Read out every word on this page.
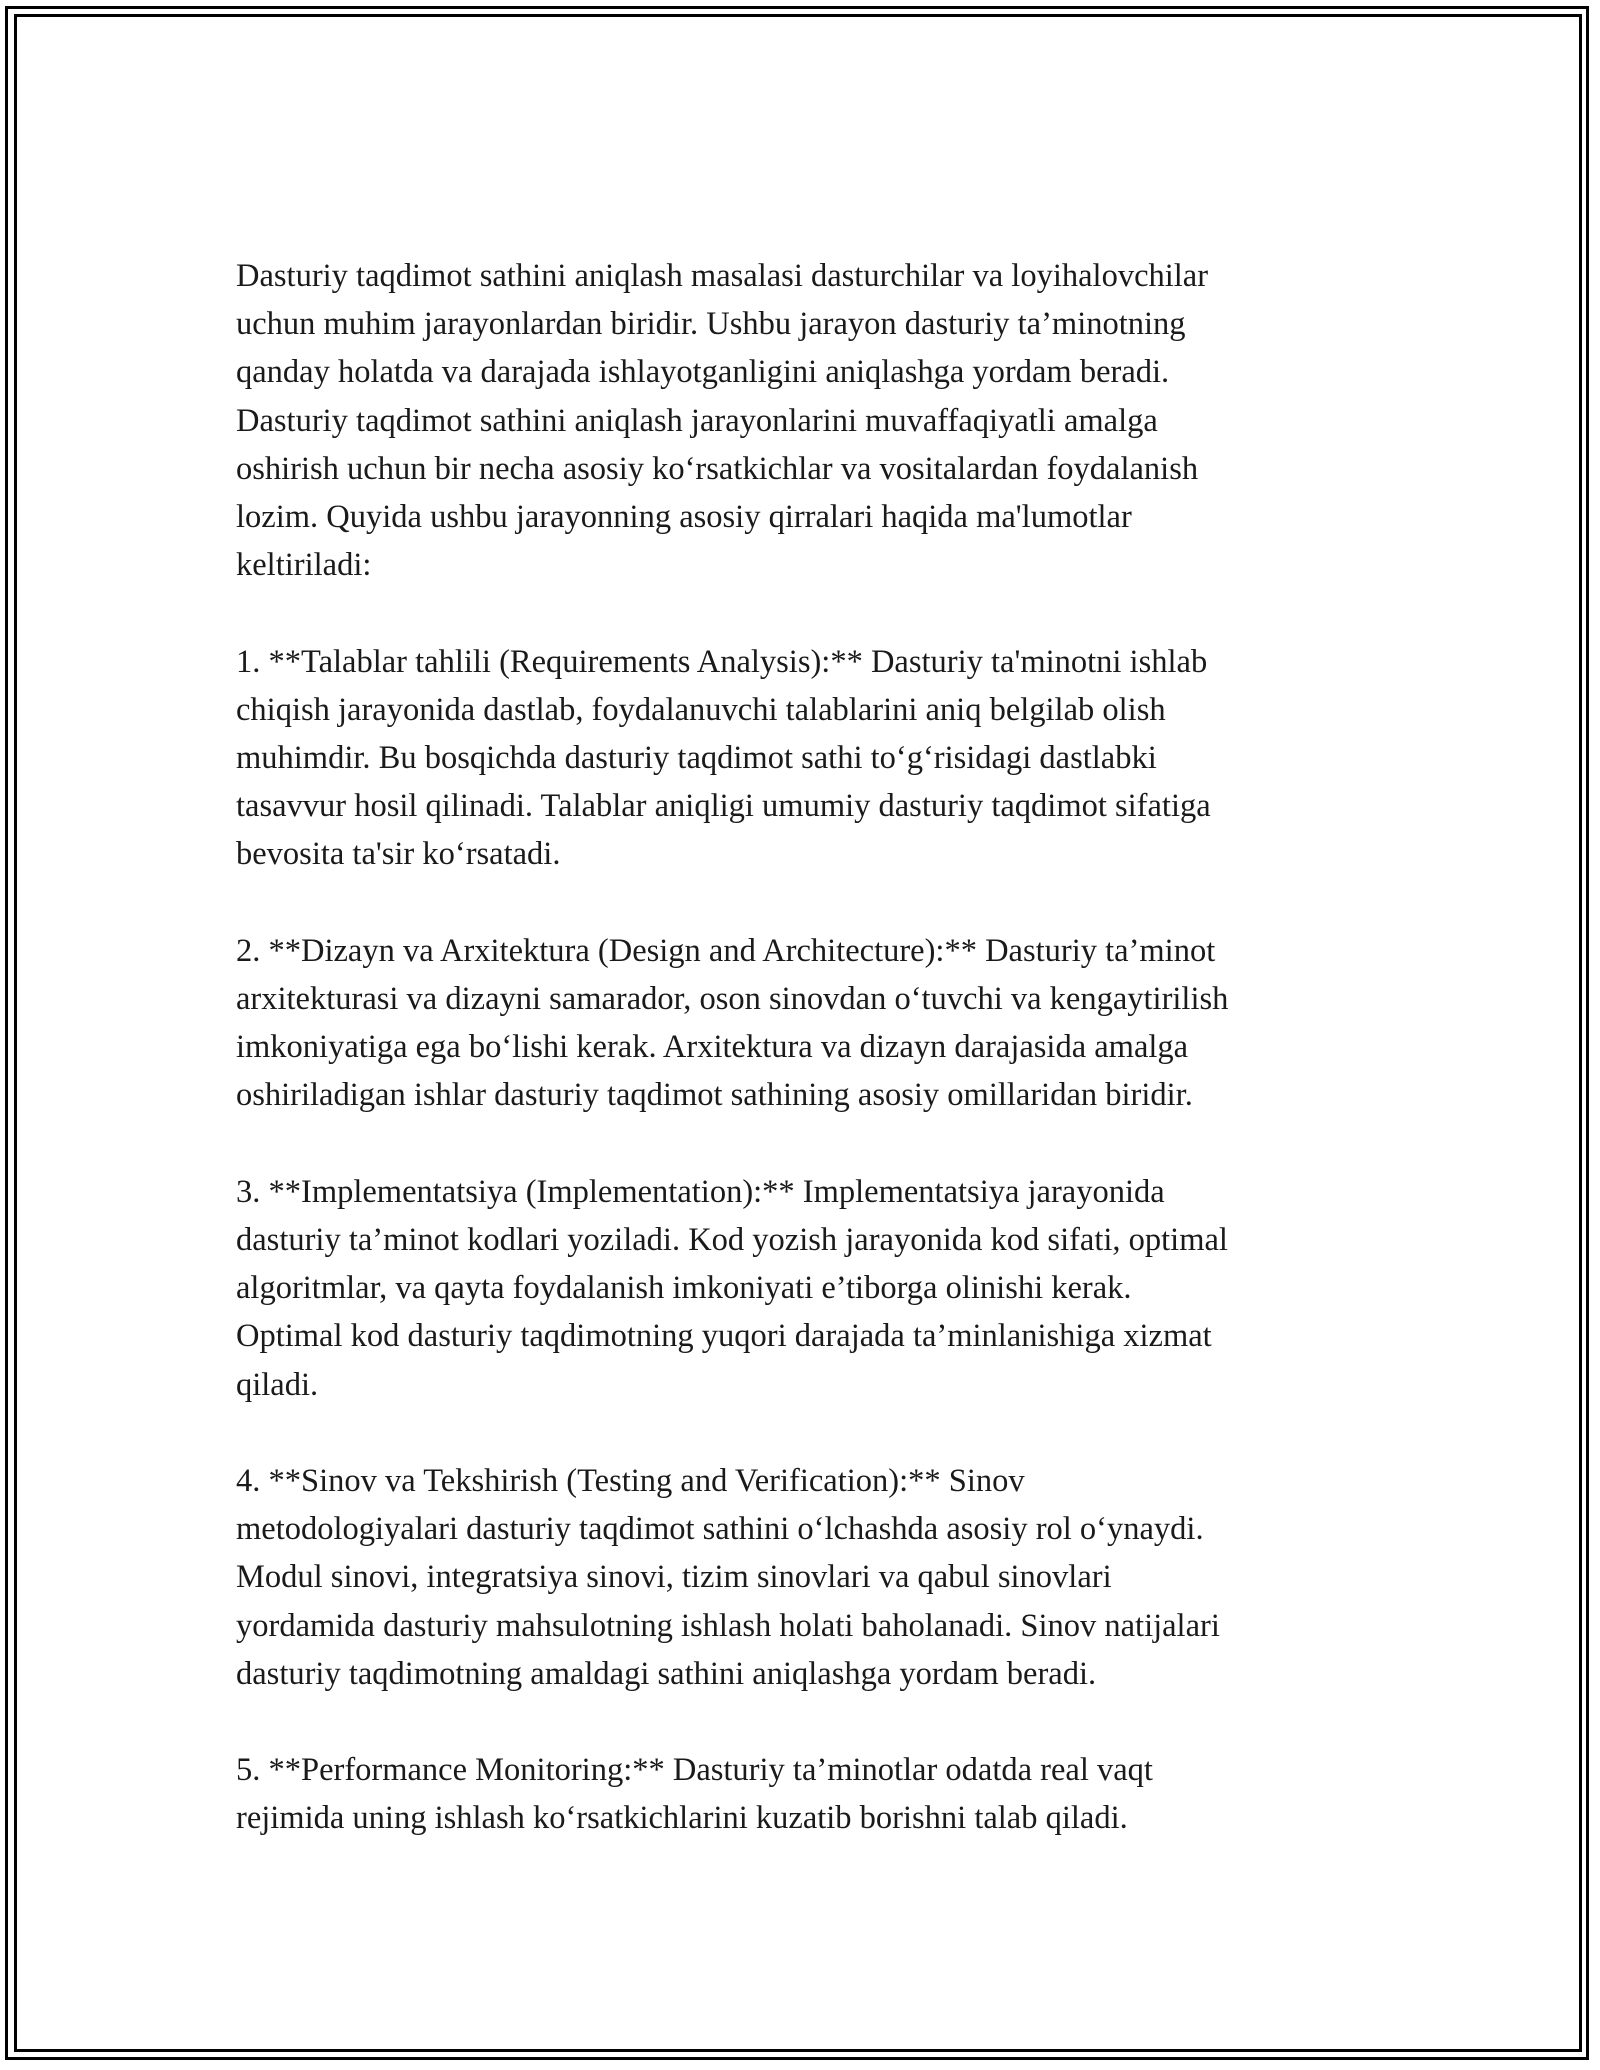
Dasturiy taqdimot sathini aniqlash masalasi dasturchilar va loyihalovchilar
uchun muhim jarayonlardan biridir. Ushbu jarayon dasturiy ta’minotning
qanday holatda va darajada ishlayotganligini aniqlashga yordam beradi.
Dasturiy taqdimot sathini aniqlash jarayonlarini muvaffaqiyatli amalga
oshirish uchun bir necha asosiy koʻrsatkichlar va vositalardan foydalanish
lozim. Quyida ushbu jarayonning asosiy qirralari haqida ma'lumotlar
keltiriladi:

1. **Talablar tahlili (Requirements Analysis):** Dasturiy ta'minotni ishlab
chiqish jarayonida dastlab, foydalanuvchi talablarini aniq belgilab olish
muhimdir. Bu bosqichda dasturiy taqdimot sathi toʻgʻrisidagi dastlabki
tasavvur hosil qilinadi. Talablar aniqligi umumiy dasturiy taqdimot sifatiga
bevosita ta'sir koʻrsatadi.

2. **Dizayn va Arxitektura (Design and Architecture):** Dasturiy ta’minot
arxitekturasi va dizayni samarador, oson sinovdan oʻtuvchi va kengaytirilish
imkoniyatiga ega boʻlishi kerak. Arxitektura va dizayn darajasida amalga
oshiriladigan ishlar dasturiy taqdimot sathining asosiy omillaridan biridir.

3. **Implementatsiya (Implementation):** Implementatsiya jarayonida
dasturiy ta’minot kodlari yoziladi. Kod yozish jarayonida kod sifati, optimal
algoritmlar, va qayta foydalanish imkoniyati e’tiborga olinishi kerak.
Optimal kod dasturiy taqdimotning yuqori darajada ta’minlanishiga xizmat
qiladi.

4. **Sinov va Tekshirish (Testing and Verification):** Sinov
metodologiyalari dasturiy taqdimot sathini oʻlchashda asosiy rol oʻynaydi.
Modul sinovi, integratsiya sinovi, tizim sinovlari va qabul sinovlari
yordamida dasturiy mahsulotning ishlash holati baholanadi. Sinov natijalari
dasturiy taqdimotning amaldagi sathini aniqlashga yordam beradi.

5. **Performance Monitoring:** Dasturiy ta’minotlar odatda real vaqt
rejimida uning ishlash koʻrsatkichlarini kuzatib borishni talab qiladi.
